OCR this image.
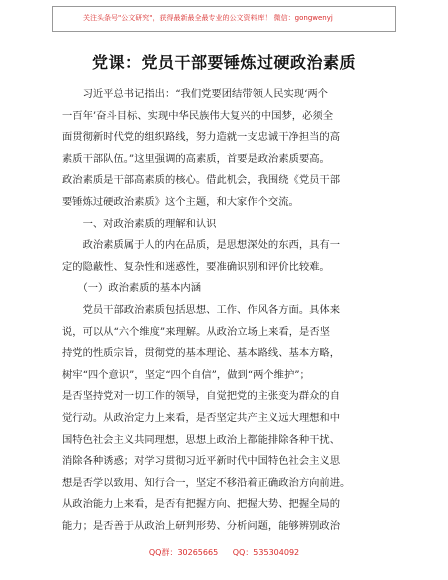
关注头条号"公文研究"，获得最新最全最专业的公文资料库！ 微信：gongwenyj
党课：党员干部要锤炼过硬政治素质
　　习近平总书记指出：“我们党要团结带领人民实现‘两个
一百年’奋斗目标、实现中华民族伟大复兴的中国梦，必须全
面贯彻新时代党的组织路线，努力造就一支忠诚干净担当的高
素质干部队伍。”这里强调的高素质，首要是政治素质要高。
政治素质是干部高素质的核心。借此机会，我围绕《党员干部
要锤炼过硬政治素质》这个主题，和大家作个交流。
　　一、对政治素质的理解和认识
　　政治素质属于人的内在品质，是思想深处的东西，具有一
定的隐蔽性、复杂性和迷惑性，要准确识别和评价比较难。
　　（一）政治素质的基本内涵
　　党员干部政治素质包括思想、工作、作风各方面。具体来
说，可以从“六个维度”来理解。从政治立场上来看，是否坚
持党的性质宗旨，贯彻党的基本理论、基本路线、基本方略，
树牢“四个意识”，坚定“四个自信”，做到“两个维护”；
是否坚持党对一切工作的领导，自觉把党的主张变为群众的自
觉行动。从政治定力上来看，是否坚定共产主义远大理想和中
国特色社会主义共同理想，思想上政治上都能排除各种干扰、
消除各种诱惑；对学习贯彻习近平新时代中国特色社会主义思
想是否学以致用、知行合一，坚定不移沿着正确政治方向前进。
从政治能力上来看，是否有把握方向、把握大势、把握全局的
能力；是否善于从政治上研判形势、分析问题，能够辨别政治
QQ群：30265665 QQ：535304092
